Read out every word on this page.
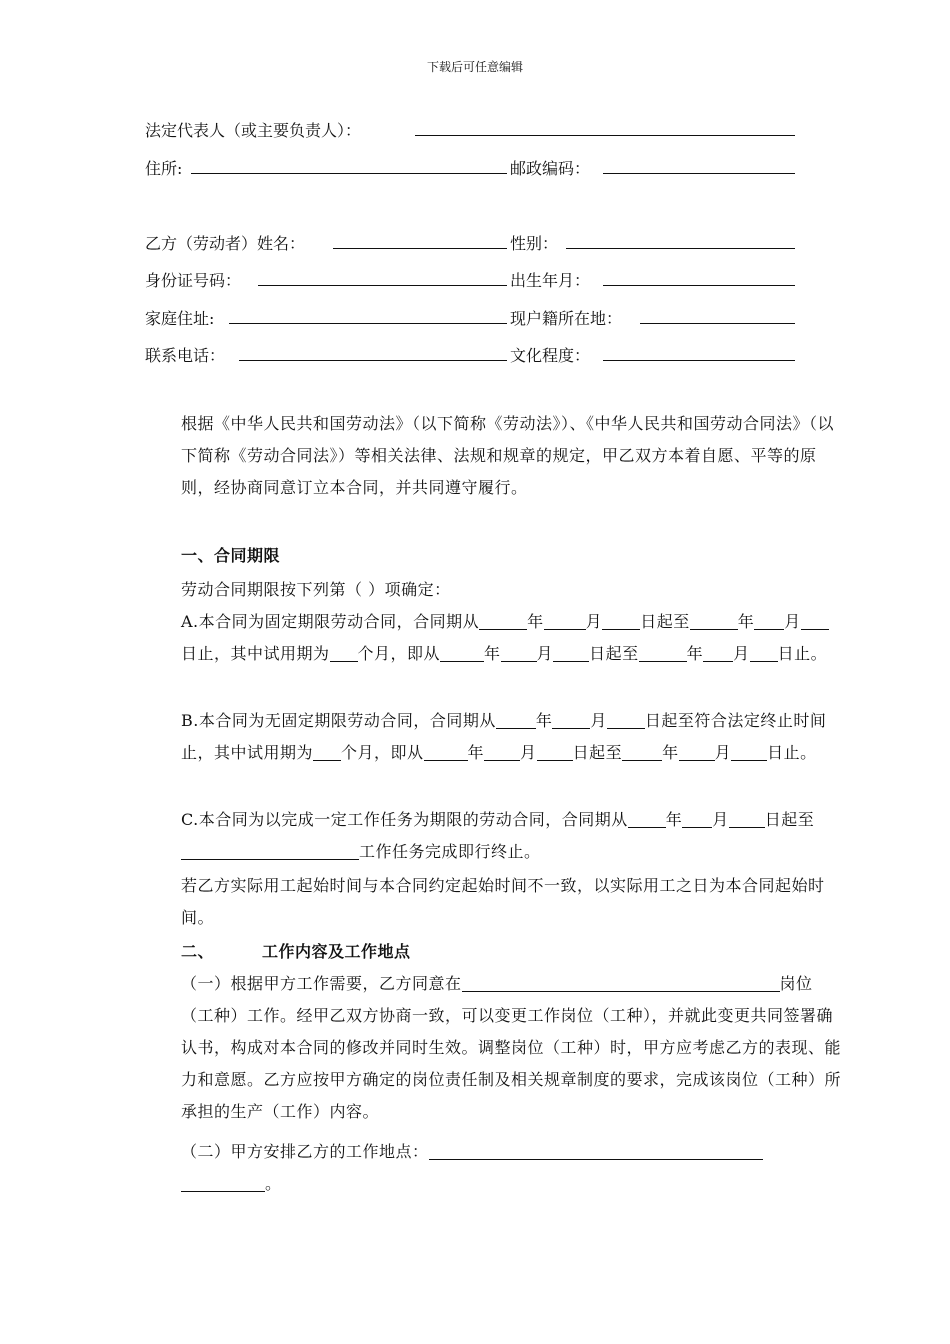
下载后可任意编辑
法定代表人（或主要负责人）：
住所:	邮政编码：
乙方（劳动者）姓名：	性别：
身份证号码：	出生年月：
家庭住址:	现户籍所在地：
联系电话：	文化程度：
根据《中华人民共和国劳动法》（以下简称《劳动法》）、《中华人民共和国劳动合同法》（以下简称《劳动合同法》）等相关法律、法规和规章的规定，甲乙双方本着自愿、平等的原则，经协商同意订立本合同，并共同遵守履行。
一、合同期限
劳动合同期限按下列第（ ）项确定：
A.本合同为固定期限劳动合同，合同期从	年	月 日起至	年 月日止，其中试用期为 个月，即从	年 月 日起至	年 月 日止。
B.本合同为无固定期限劳动合同，合同期从	年 月 日起至符合法定终止时间止，其中试用期为 个月，即从	年 月 日起至	年 月 日止。
C.本合同为以完成一定工作任务为期限的劳动合同，合同期从 年 月 日起至工作任务完成即行终止。
若乙方实际用工起始时间与本合同约定起始时间不一致，以实际用工之日为本合同起始时间。
二、	工作内容及工作地点
（一）根据甲方工作需要，乙方同意在	岗位（工种）工作。经甲乙双方协商一致，可以变更工作岗位（工种），并就此变更共同签署确认书，构成对本合同的修改并同时生效。调整岗位（工种）时，甲方应考虑乙方的表现、能力和意愿。乙方应按甲方确定的岗位责任制及相关规章制度的要求，完成该岗位（工种）所承担的生产（工作）内容。
（二）甲方安排乙方的工作地点：。
